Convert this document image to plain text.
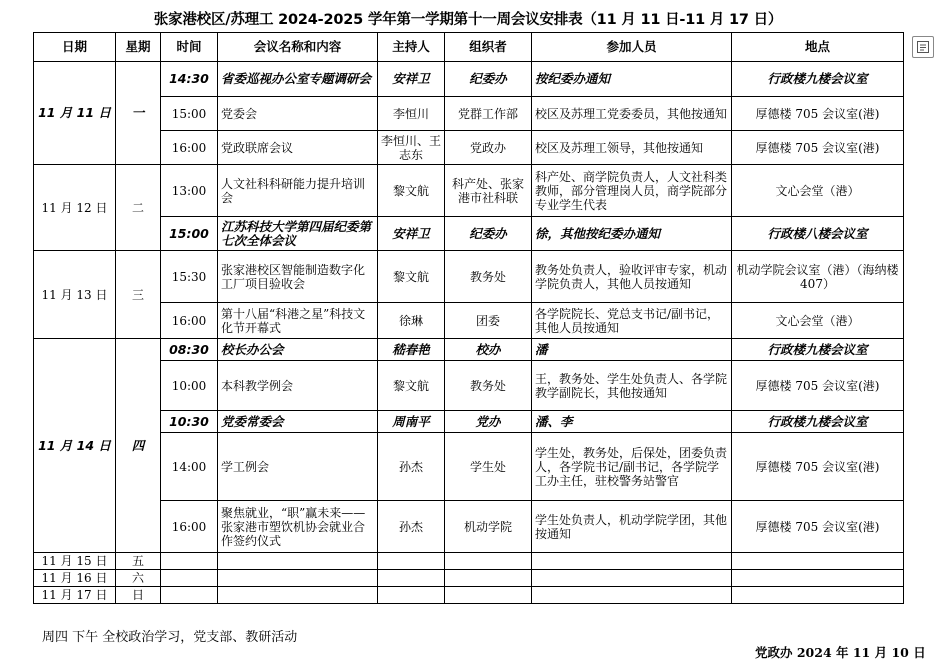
张家港校区/苏理工 2024-2025 学年第一学期第十一周会议安排表（11 月 11 日-11 月 17 日）
日期	星期	时间	会议名称和内容	主持人	组织者	参加人员	地点
11 月 11 日	一	14:30	省委巡视办公室专题调研会	安祥卫	纪委办	按纪委办通知	行政楼九楼会议室
		15:00	党委会	李恒川	党群工作部	校区及苏理工党委委员，其他按通知	厚德楼 705 会议室(港)
		16:00	党政联席会议	李恒川、王志东	党政办	校区及苏理工领导，其他按通知	厚德楼 705 会议室(港)
11 月 12 日	二	13:00	人文社科科研能力提升培训会	黎文航	科产处、张家港市社科联	科产处、商学院负责人，人文社科类教师，部分管理岗人员，商学院部分专业学生代表	文心会堂（港）
		15:00	江苏科技大学第四届纪委第七次全体会议	安祥卫	纪委办	徐，其他按纪委办通知	行政楼八楼会议室
11 月 13 日	三	15:30	张家港校区智能制造数字化工厂项目验收会	黎文航	教务处	教务处负责人，验收评审专家，机动学院负责人，其他人员按通知	机动学院会议室（港）（海纳楼 407）
		16:00	第十八届“科港之星”科技文化节开幕式	徐琳	团委	各学院院长、党总支书记/副书记，其他人员按通知	文心会堂（港）
11 月 14 日	四	08:30	校长办公会	嵇春艳	校办	潘	行政楼九楼会议室
		10:00	本科教学例会	黎文航	教务处	王，教务处、学生处负责人、各学院教学副院长，其他按通知	厚德楼 705 会议室(港)
		10:30	党委常委会	周南平	党办	潘、李	行政楼九楼会议室
		14:00	学工例会	孙杰	学生处	学生处，教务处，后保处，团委负责人，各学院书记/副书记，各学院学工办主任，驻校警务站警官	厚德楼 705 会议室(港)
		16:00	聚焦就业，“职”赢未来——张家港市塑饮机协会就业合作签约仪式	孙杰	机动学院	学生处负责人，机动学院学团，其他按通知	厚德楼 705 会议室(港)
11 月 15 日	五						
11 月 16 日	六						
11 月 17 日	日						
周四 下午 全校政治学习，党支部、教研活动
党政办 2024 年 11 月 10 日
